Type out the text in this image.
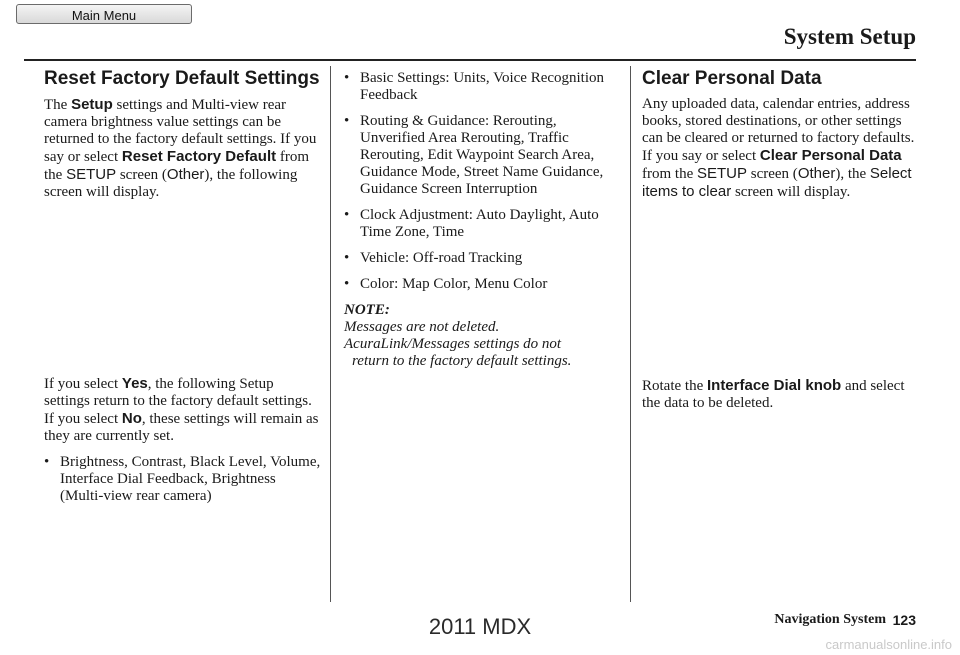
Main Menu
System Setup
Reset Factory Default Settings

The Setup settings and Multi-view rear camera brightness value settings can be returned to the factory default settings. If you say or select Reset Factory Default from the SETUP screen (Other), the following screen will display.

If you select Yes, the following Setup settings return to the factory default settings. If you select No, these settings will remain as they are currently set.

• Brightness, Contrast, Black Level, Volume, Interface Dial Feedback, Brightness (Multi-view rear camera)
• Basic Settings: Units, Voice Recognition Feedback
• Routing & Guidance: Rerouting, Unverified Area Rerouting, Traffic Rerouting, Edit Waypoint Search Area, Guidance Mode, Street Name Guidance, Guidance Screen Interruption
• Clock Adjustment: Auto Daylight, Auto Time Zone, Time
• Vehicle: Off-road Tracking
• Color: Map Color, Menu Color

NOTE:

Messages are not deleted.
AcuraLink/Messages settings do not
return to the factory default settings.

Clear Personal Data

Any uploaded data, calendar entries, address books, stored destinations, or other settings can be cleared or returned to factory defaults. If you say or select Clear Personal Data from the SETUP screen (Other), the Select items to clear screen will display.

Rotate the Interface Dial knob and select the data to be deleted.

Navigation System 123
2011 MDX
carmanualsonline.info
